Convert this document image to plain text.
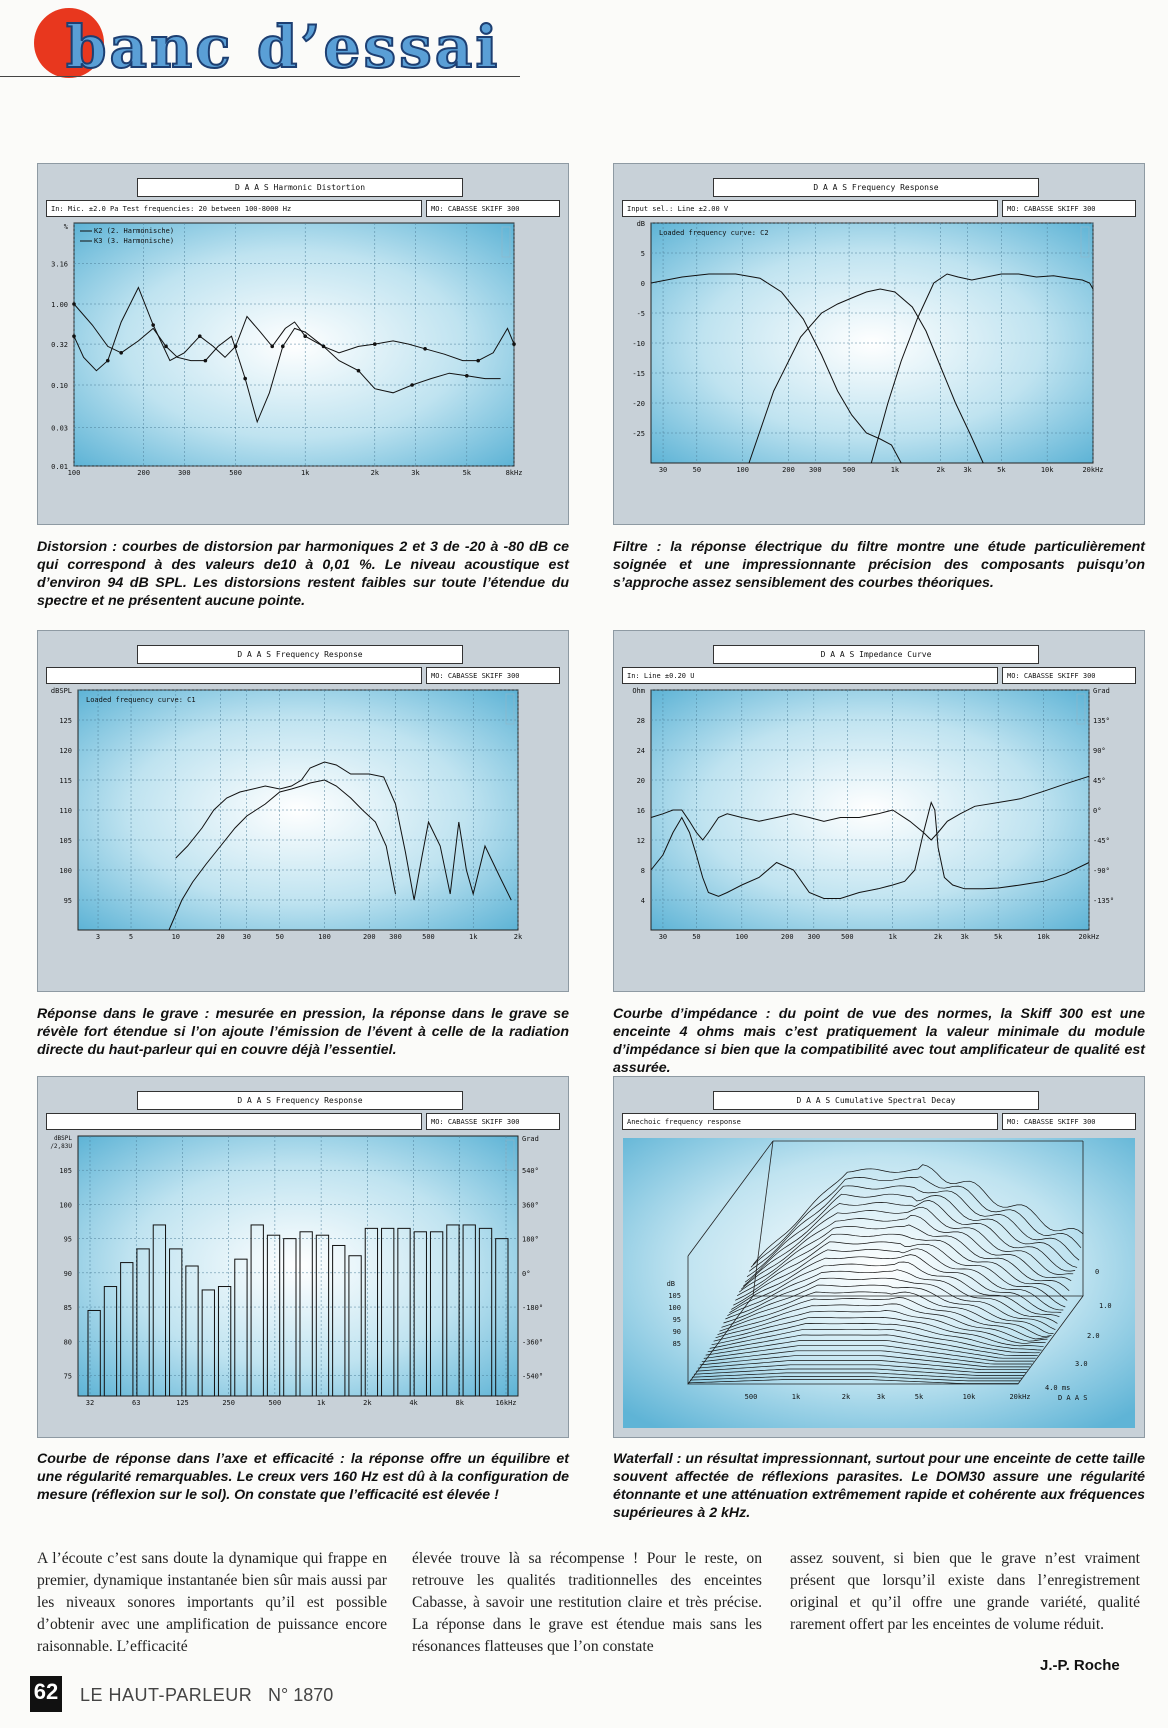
banc d’essai
D A A S Harmonic Distortion
In: Mic. ±2.0 Pa Test frequencies: 20 between 100-8000 Hz	MO: CABASSE SKIFF 300
100	200	300	500	1k	2k	3k	5k	8kHz
3.16
1.00
0.32
0.10
0.03
0.01
%	K2 (2. Harmonische)
K3 (3. Harmonische)
D A A S Frequency Response
Input sel.: Line ±2.00 V	MO: CABASSE SKIFF 300
30	50	100	200 300	500	1k	2k	3k	5k	10k	20kHz
dB
5
0
-5
-10
-15
-20
-25
Loaded frequency curve: C2
D A A S Frequency Response
MO: CABASSE SKIFF 300
3	5	10	20	30	50	100	200 300	500	1k	2k
dBSPL
125
120
115
110
105
100
95
Loaded frequency curve: C1
D A A S Impedance Curve
In: Line ±0.20 U	MO: CABASSE SKIFF 300
30	50	100	200 300	500	1k	2k	3k	5k	10k	20kHz
Ohm
28
24
20
16
12
8
4
Grad
135°
90°
45°
0°
-45°
-90°
-135°
D A A S Frequency Response
MO: CABASSE SKIFF 300
32	63	125	250	500	1k	2k	4k	8k	16kHz
105
100
95
90
85
80
75
540°
360°
180°
0°
-180°
-360°
-540°
dBSPL
/2,83U
Grad
D A A S Cumulative Spectral Decay
Anechoic frequency response	MO: CABASSE SKIFF 300
dB
105
100
95
90
85
500	1k	2k	3k	5k	10k	20kHz
0
1.0
2.0
3.0
4.0 ms
D A A S
Distorsion : courbes de distorsion par harmoniques 2 et 3 de -20 à -80 dB ce qui correspond à des valeurs de10 à 0,01 %. Le niveau acoustique est d’environ 94 dB SPL. Les distorsions restent faibles sur toute l’étendue du spectre et ne présentent aucune pointe.
Filtre : la réponse électrique du filtre montre une étude particulièrement soignée et une impressionnante précision des composants puisqu’on s’approche assez sensiblement des courbes théoriques.
Réponse dans le grave : mesurée en pression, la réponse dans le grave se révèle fort étendue si l’on ajoute l’émission de l’évent à celle de la radiation directe du haut-parleur qui en couvre déjà l’essentiel.
Courbe d’impédance : du point de vue des normes, la Skiff 300 est une enceinte 4 ohms mais c’est pratiquement la valeur minimale du module d’impédance si bien que la compatibilité avec tout amplificateur de qualité est assurée.
Courbe de réponse dans l’axe et efficacité : la réponse offre un équilibre et une régularité remarquables. Le creux vers 160 Hz est dû à la configuration de mesure (réflexion sur le sol). On constate que l’efficacité est élevée !
Waterfall : un résultat impressionnant, surtout pour une enceinte de cette taille souvent affectée de réflexions parasites. Le DOM30 assure une régularité étonnante et une atténuation extrêmement rapide et cohérente aux fréquences supérieures à 2 kHz.
A l’écoute c’est sans doute la dynamique qui frappe en premier, dynamique instantanée bien sûr mais aussi par les niveaux sonores importants qu’il est possible d’obtenir avec une amplification de puissance encore raisonnable. L’efficacité
élevée trouve là sa récompense ! Pour le reste, on retrouve les qualités traditionnelles des enceintes Cabasse, à savoir une restitution claire et très précise. La réponse dans le grave est étendue mais sans les résonances flatteuses que l’on constate
assez souvent, si bien que le grave n’est vraiment présent que lorsqu’il existe dans l’enregistrement original et qu’il offre une grande variété, qualité rarement offert par les enceintes de volume réduit.
J.-P. Roche
62 LE HAUT-PARLEUR N° 1870
